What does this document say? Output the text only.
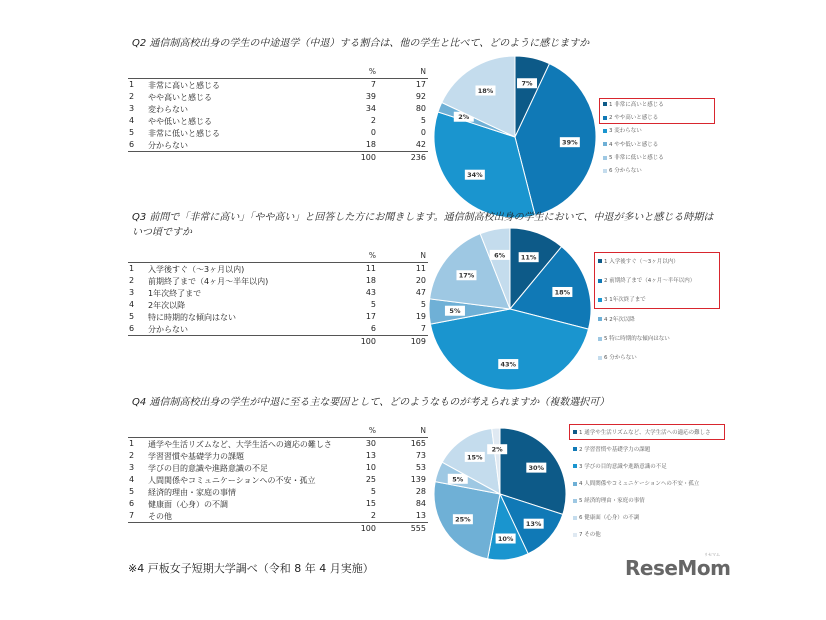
Q2 通信制高校出身の学生の中途退学（中退）する割合は、他の学生と比べて、どのように感じますか
%	N
1 非常に高いと感じる	7	17
2 やや高いと感じる	39	92
3 変わらない	34	80
4 やや低いと感じる	2	5
5 非常に低いと感じる	0	0
6 分からない	18	42
100	236
7%
39%
34%
2%
18%
1 非常に高いと感じる
2 やや高いと感じる
3 変わらない
4 やや低いと感じる
5 非常に低いと感じる
6 分からない
Q3 前問で「非常に高い」「やや高い」と回答した方にお聞きします。通信制高校出身の学生において、中退が多いと感じる時期は
いつ頃ですか
%	N
1 入学後すぐ（～3ヶ月以内)	11	11
2 前期終了まで（4ヶ月～半年以内)	18	20
3 1年次終了まで	43	47
4 2年次以降	5	5
5 特に時期的な傾向はない	17	19
6 分からない	6	7
100	109
11%
18%
43%
5%
17%
6%
1 入学後すぐ（～3ヶ月以内）
2 前期終了まで（4ヶ月～半年以内）
3 1年次終了まで
4 2年次以降
5 特に時期的な傾向はない
6 分からない
Q4 通信制高校出身の学生が中退に至る主な要因として、どのようなものが考えられますか（複数選択可）
%	N
1 通学や生活リズムなど、大学生活への適応の難しさ	30	165
2 学習習慣や基礎学力の課題	13	73
3 学びの目的意識や進路意識の不足	10	53
4 人間関係やコミュニケーションへの不安・孤立	25	139
5 経済的理由・家庭の事情	5	28
6 健康面（心身）の不調	15	84
7 その他	2	13
100	555
30%
13%
10%
25%
5%
15%
2%
1 通学や生活リズムなど、大学生活への適応の難しさ
2 学習習慣や基礎学力の課題
3 学びの目的意識や進路意識の不足
4 人間関係やコミュニケーションへの不安・孤立
5 経済的理由・家庭の事情
6 健康面（心身）の不調
7 その他
※4 戸板女子短期大学調べ（令和 8 年 4 月実施）	ReseMom
リセマム
